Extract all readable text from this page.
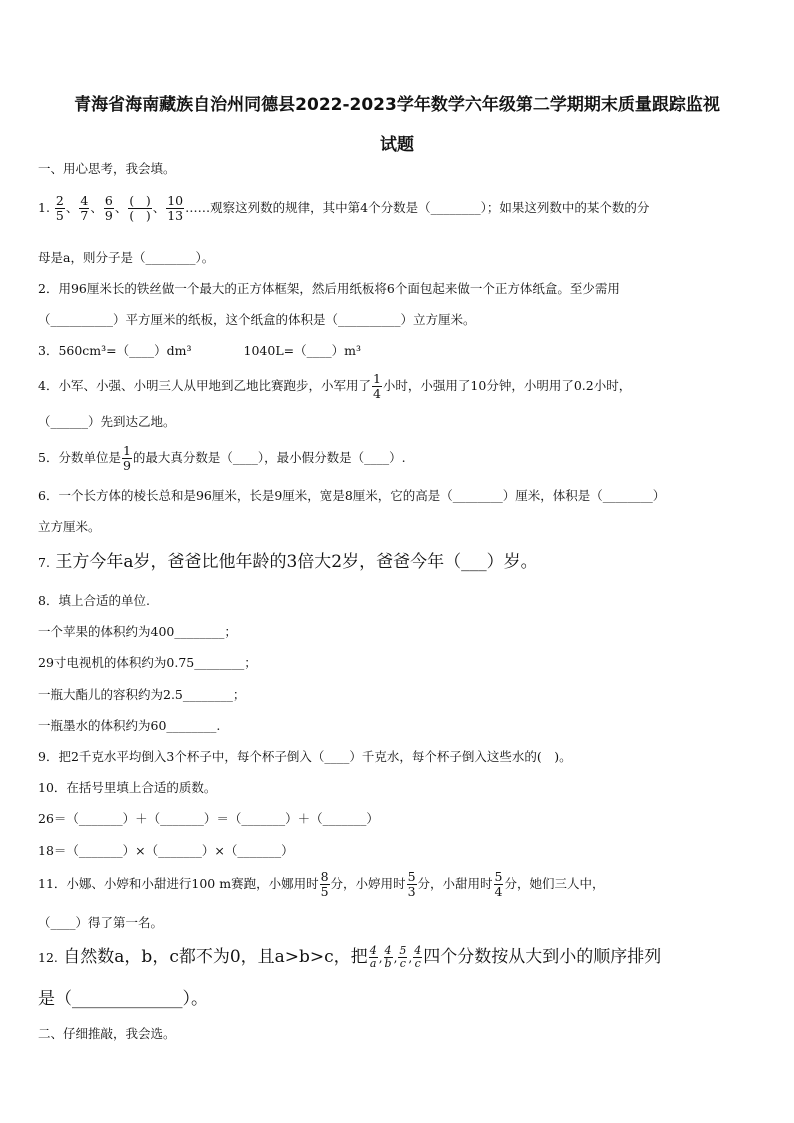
青海省海南藏族自治州同德县2022-2023学年数学六年级第二学期期末质量跟踪监视
试题
一、用心思考，我会填。
1. $\frac{2}{5}$ 、 $\frac{4}{7}$ 、 $\frac{6}{9}$ 、 $\frac{( )}{( )}$ 、 $\frac{10}{13}$ ……观察这列数的规律，其中第4个分数是（________）；如果这列数中的某个数的分
母是a，则分子是（________）。
2．用96厘米长的铁丝做一个最大的正方体框架，然后用纸板将6个面包起来做一个正方体纸盒。至少需用
（__________）平方厘米的纸板，这个纸盒的体积是（__________）立方厘米。
3．560cm³=（____）dm³	1040L=（____）m³
4．小军、小强、小明三人从甲地到乙地比赛跑步，小军用了 $\frac{1}{4}$ 小时，小强用了10分钟，小明用了0.2小时，
（______）先到达乙地。
5．分数单位是 $\frac{1}{9}$ 的最大真分数是（____），最小假分数是（____）.
6．一个长方体的棱长总和是96厘米，长是9厘米，宽是8厘米，它的高是（________）厘米，体积是（________）
立方厘米。
7. 王方今年a岁，爸爸比他年龄的3倍大2岁，爸爸今年（___）岁。
8．填上合适的单位.
一个苹果的体积约为400________；
29寸电视机的体积约为0.75________；
一瓶大酯儿的容积约为2.5________；
一瓶墨水的体积约为60________.
9．把2千克水平均倒入3个杯子中，每个杯子倒入（____）千克水，每个杯子倒入这些水的(　)。
10．在括号里填上合适的质数。
26＝（_______）＋（_______）＝（_______）＋（_______）
18＝（_______）×（_______）×（_______）
11．小娜、小婷和小甜进行100 m赛跑，小娜用时 $\frac{8}{5}$ 分，小婷用时 $\frac{5}{3}$ 分，小甜用时 $\frac{5}{4}$ 分，她们三人中，
（____）得了第一名。
12. 自然数a，b，c都不为0，且a>b>c，把 $\frac{4}{a}$ , $\frac{4}{b}$ , $\frac{5}{c}$ , $\frac{4}{c}$ 四个分数按从大到小的顺序排列
是（_____________）。
二、仔细推敲，我会选。
